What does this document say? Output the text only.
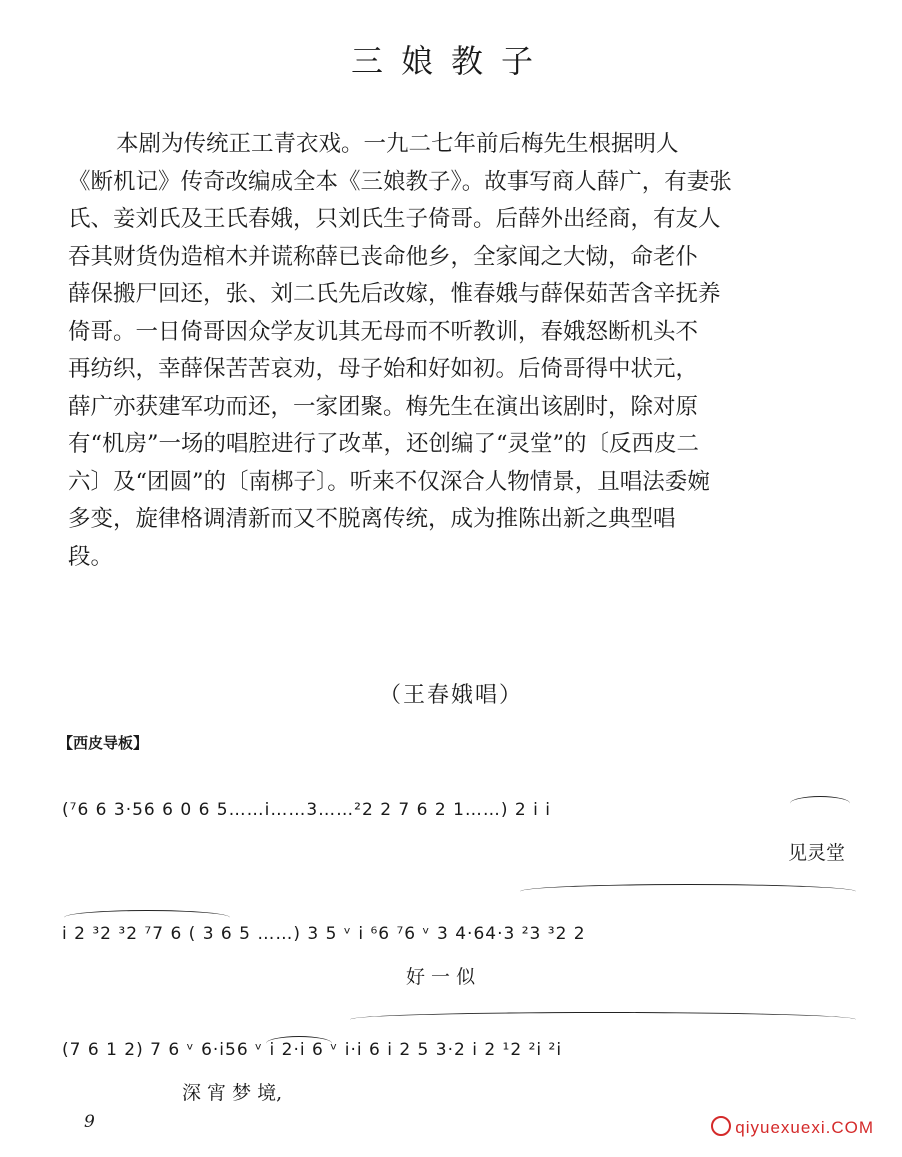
三娘教子
本剧为传统正工青衣戏。一九二七年前后梅先生根据明人
《断机记》传奇改编成全本《三娘教子》。故事写商人薛广，有妻张
氏、妾刘氏及王氏春娥，只刘氏生子倚哥。后薛外出经商，有友人
吞其财货伪造棺木并谎称薛已丧命他乡，全家闻之大恸，命老仆
薛保搬尸回还，张、刘二氏先后改嫁，惟春娥与薛保茹苦含辛抚养
倚哥。一日倚哥因众学友讥其无母而不听教训，春娥怒断机头不
再纺织，幸薛保苦苦哀劝，母子始和好如初。后倚哥得中状元，
薛广亦获建军功而还，一家团聚。梅先生在演出该剧时，除对原
有“机房”一场的唱腔进行了改革，还创编了“灵堂”的〔反西皮二
六〕及“团圆”的〔南梆子〕。听来不仅深合人物情景，且唱法委婉
多变，旋律格调清新而又不脱离传统，成为推陈出新之典型唱
段。
（王春娥唱）
【西皮导板】
(⁷6 6 3·56 6 0 6 5……i……3……²2 2 7 6 2 1……) 2 i i
见灵堂
i 2 ³2 ³2 ⁷7 6 ( 3 6 5 ……) 3 5 ᵛ i ⁶6 ⁷6 ᵛ 3 4·64·3 ²3 ³2 2
好 一 似
(7 6 1 2) 7 6 ᵛ 6·i56 ᵛ i 2·i 6 ᵛ i·i 6 i 2 5 3·2 i 2 ¹2 ²i ²i
深 宵 梦 境,
9	qiyuexuexi.COM
